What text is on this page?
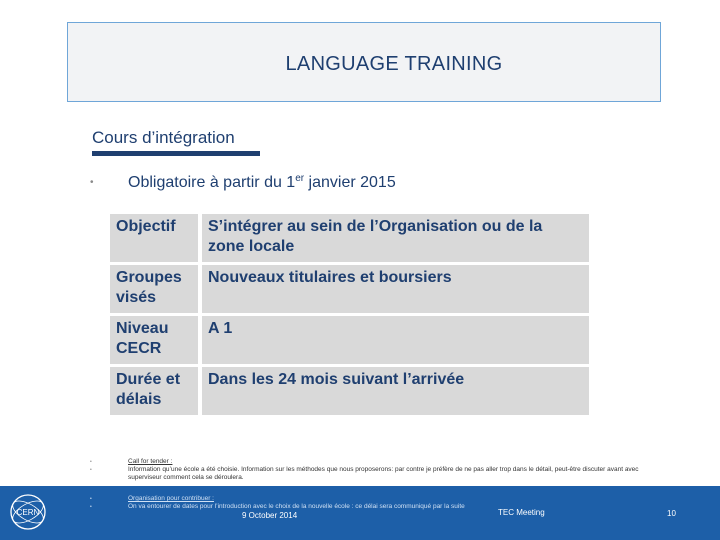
LANGUAGE TRAINING
Cours d’intégration
• Obligatoire à partir du 1er janvier 2015
Objectif	S’intégrer au sein de l’Organisation ou de la zone locale
Groupes visés	Nouveaux titulaires et boursiers
Niveau CECR	A 1
Durée et délais	Dans les 24 mois suivant l’arrivée
•
•
Call for tender :
Information qu’une école a été choisie. Information sur les méthodes que nous proposerons: par contre je préfère de ne pas aller trop dans le détail, peut-être discuter avant avec superviseur comment cela se déroulera.
•
•
Organisation pour contribuer :
On va entourer de dates pour l’introduction avec le choix de la nouvelle école : ce délai sera communiqué par la suite
CERN	9 October 2014	TEC Meeting	10
